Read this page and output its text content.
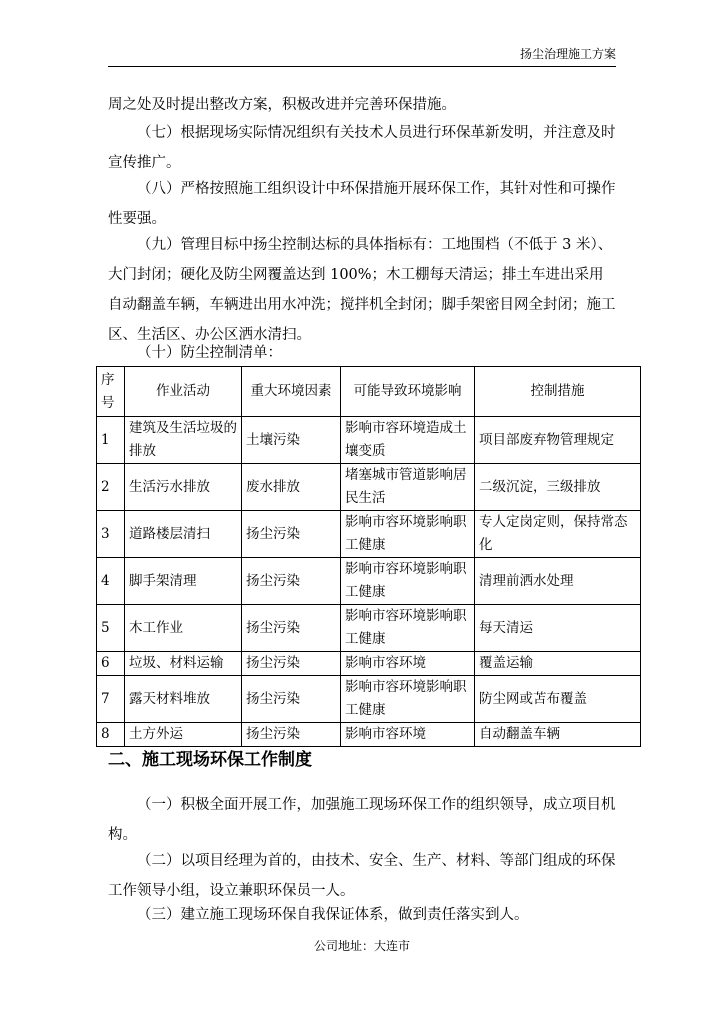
扬尘治理施工方案

周之处及时提出整改方案，积极改进并完善环保措施。

（七）根据现场实际情况组织有关技术人员进行环保革新发明，并注意及时宣传推广。

（八）严格按照施工组织设计中环保措施开展环保工作，其针对性和可操作性要强。

（九）管理目标中扬尘控制达标的具体指标有：工地围档（不低于 3 米）、大门封闭；硬化及防尘网覆盖达到 100%；木工棚每天清运；排土车进出采用自动翻盖车辆，车辆进出用水冲洗；搅拌机全封闭；脚手架密目网全封闭；施工区、生活区、办公区洒水清扫。

（十）防尘控制清单：

序号	作业活动	重大环境因素	可能导致环境影响	控制措施
1	建筑及生活垃圾的排放	土壤污染	影响市容环境造成土壤变质	项目部废弃物管理规定
2	生活污水排放	废水排放	堵塞城市管道影响居民生活	二级沉淀，三级排放
3	道路楼层清扫	扬尘污染	影响市容环境影响职工健康	专人定岗定则，保持常态化
4	脚手架清理	扬尘污染	影响市容环境影响职工健康	清理前洒水处理
5	木工作业	扬尘污染	影响市容环境影响职工健康	每天清运
6	垃圾、材料运输	扬尘污染	影响市容环境	覆盖运输
7	露天材料堆放	扬尘污染	影响市容环境影响职工健康	防尘网或苫布覆盖
8	土方外运	扬尘污染	影响市容环境	自动翻盖车辆
二、施工现场环保工作制度

（一）积极全面开展工作，加强施工现场环保工作的组织领导，成立项目机构。

（二）以项目经理为首的，由技术、安全、生产、材料、等部门组成的环保工作领导小组，设立兼职环保员一人。

（三）建立施工现场环保自我保证体系，做到责任落实到人。

公司地址：大连市
